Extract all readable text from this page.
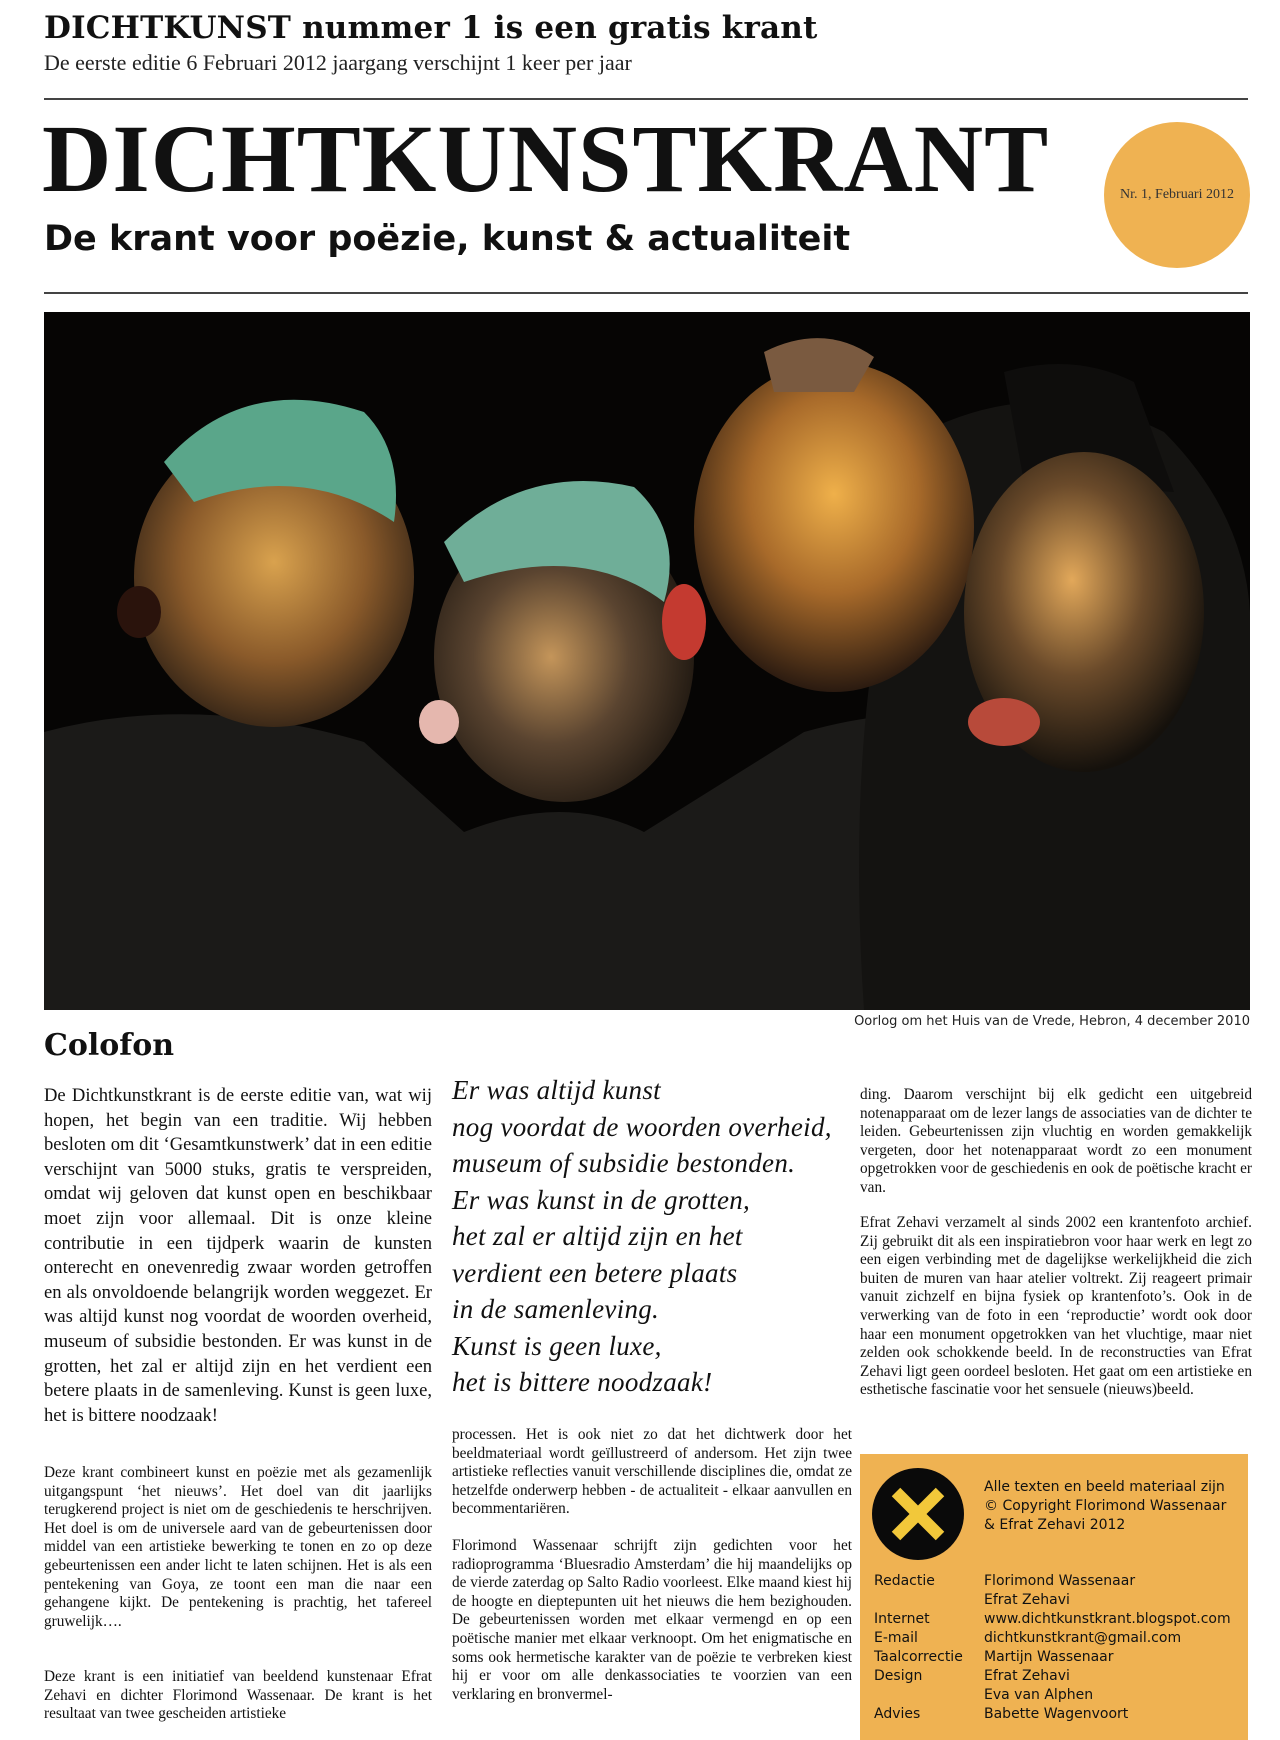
DICHTKUNST nummer 1 is een gratis krant
De eerste editie 6 Februari 2012 jaargang verschijnt 1 keer per jaar
DICHTKUNSTKRANT
De krant voor poëzie, kunst & actualiteit
Nr. 1, Februari 2012
Oorlog om het Huis van de Vrede, Hebron, 4 december 2010
Colofon
De Dichtkunstkrant is de eerste editie van, wat wij hopen, het begin van een traditie. Wij hebben besloten om dit ‘Gesamtkunstwerk’ dat in een editie verschijnt van 5000 stuks, gratis te verspreiden, omdat wij geloven dat kunst open en beschikbaar moet zijn voor allemaal. Dit is onze kleine contributie in een tijdperk waarin de kunsten onterecht en onevenredig zwaar worden getroffen en als onvoldoende belangrijk worden weggezet. Er was altijd kunst nog voordat de woorden overheid, museum of subsidie bestonden. Er was kunst in de grotten, het zal er altijd zijn en het verdient een betere plaats in de samenleving. Kunst is geen luxe, het is bittere noodzaak!
Deze krant combineert kunst en poëzie met als gezamenlijk uitgangspunt ‘het nieuws’. Het doel van dit jaarlijks terugkerend project is niet om de geschiedenis te herschrijven. Het doel is om de universele aard van de gebeurtenissen door middel van een artistieke bewerking te tonen en zo op deze gebeurtenissen een ander licht te laten schijnen. Het is als een pentekening van Goya, ze toont een man die naar een gehangene kijkt. De pentekening is prachtig, het tafereel gruwelijk….
Deze krant is een initiatief van beeldend kunstenaar Efrat Zehavi en dichter Florimond Wassenaar. De krant is het resultaat van twee gescheiden artistieke
Er was altijd kunst
nog voordat de woorden overheid,
museum of subsidie bestonden.
Er was kunst in de grotten,
het zal er altijd zijn en het
verdient een betere plaats
in de samenleving.
Kunst is geen luxe,
het is bittere noodzaak!
processen. Het is ook niet zo dat het dichtwerk door het beeldmateriaal wordt geïllustreerd of andersom. Het zijn twee artistieke reflecties vanuit verschillende disciplines die, omdat ze hetzelfde onderwerp hebben - de actualiteit - elkaar aanvullen en becommentariëren.
Florimond Wassenaar schrijft zijn gedichten voor het radioprogramma ‘Bluesradio Amsterdam’ die hij maandelijks op de vierde zaterdag op Salto Radio voorleest. Elke maand kiest hij de hoogte en dieptepunten uit het nieuws die hem bezighouden. De gebeurtenissen worden met elkaar vermengd en op een poëtische manier met elkaar verknoopt. Om het enigmatische en soms ook hermetische karakter van de poëzie te verbreken kiest hij er voor om alle denkassociaties te voorzien van een verklaring en bronvermel-
ding. Daarom verschijnt bij elk gedicht een uitgebreid notenapparaat om de lezer langs de associaties van de dichter te leiden. Gebeurtenissen zijn vluchtig en worden gemakkelijk vergeten, door het notenapparaat wordt zo een monument opgetrokken voor de geschiedenis en ook de poëtische kracht er van.
Efrat Zehavi verzamelt al sinds 2002 een krantenfoto archief. Zij gebruikt dit als een inspiratiebron voor haar werk en legt zo een eigen verbinding met de dagelijkse werkelijkheid die zich buiten de muren van haar atelier voltrekt. Zij reageert primair vanuit zichzelf en bijna fysiek op krantenfoto’s. Ook in de verwerking van de foto in een ‘reproductie’ wordt ook door haar een monument opgetrokken van het vluchtige, maar niet zelden ook schokkende beeld. In de reconstructies van Efrat Zehavi ligt geen oordeel besloten. Het gaat om een artistieke en esthetische fascinatie voor het sensuele (nieuws)beeld.
Alle texten en beeld materiaal zijn
© Copyright Florimond Wassenaar
& Efrat Zehavi 2012
Redactie	Florimond Wassenaar
Efrat Zehavi
Internet	www.dichtkunstkrant.blogspot.com
E-mail	dichtkunstkrant@gmail.com
Taalcorrectie Martijn Wassenaar
Design	Efrat Zehavi
Eva van Alphen
Advies	Babette Wagenvoort
